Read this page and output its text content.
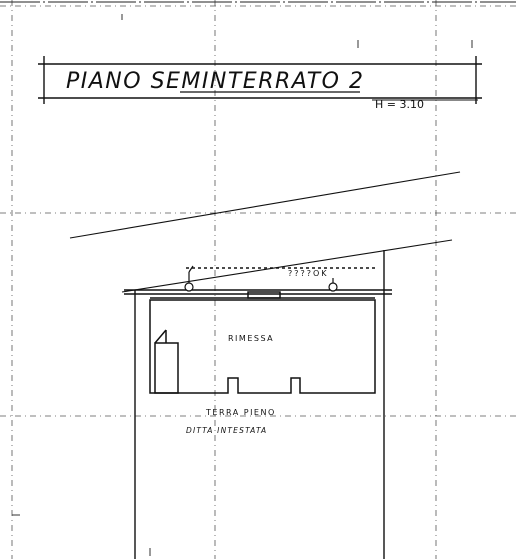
PIANO SEMINTERRATO 2
H = 3.10
????OK
RIMESSA
TERRA PIENO
DITTA INTESTATA
